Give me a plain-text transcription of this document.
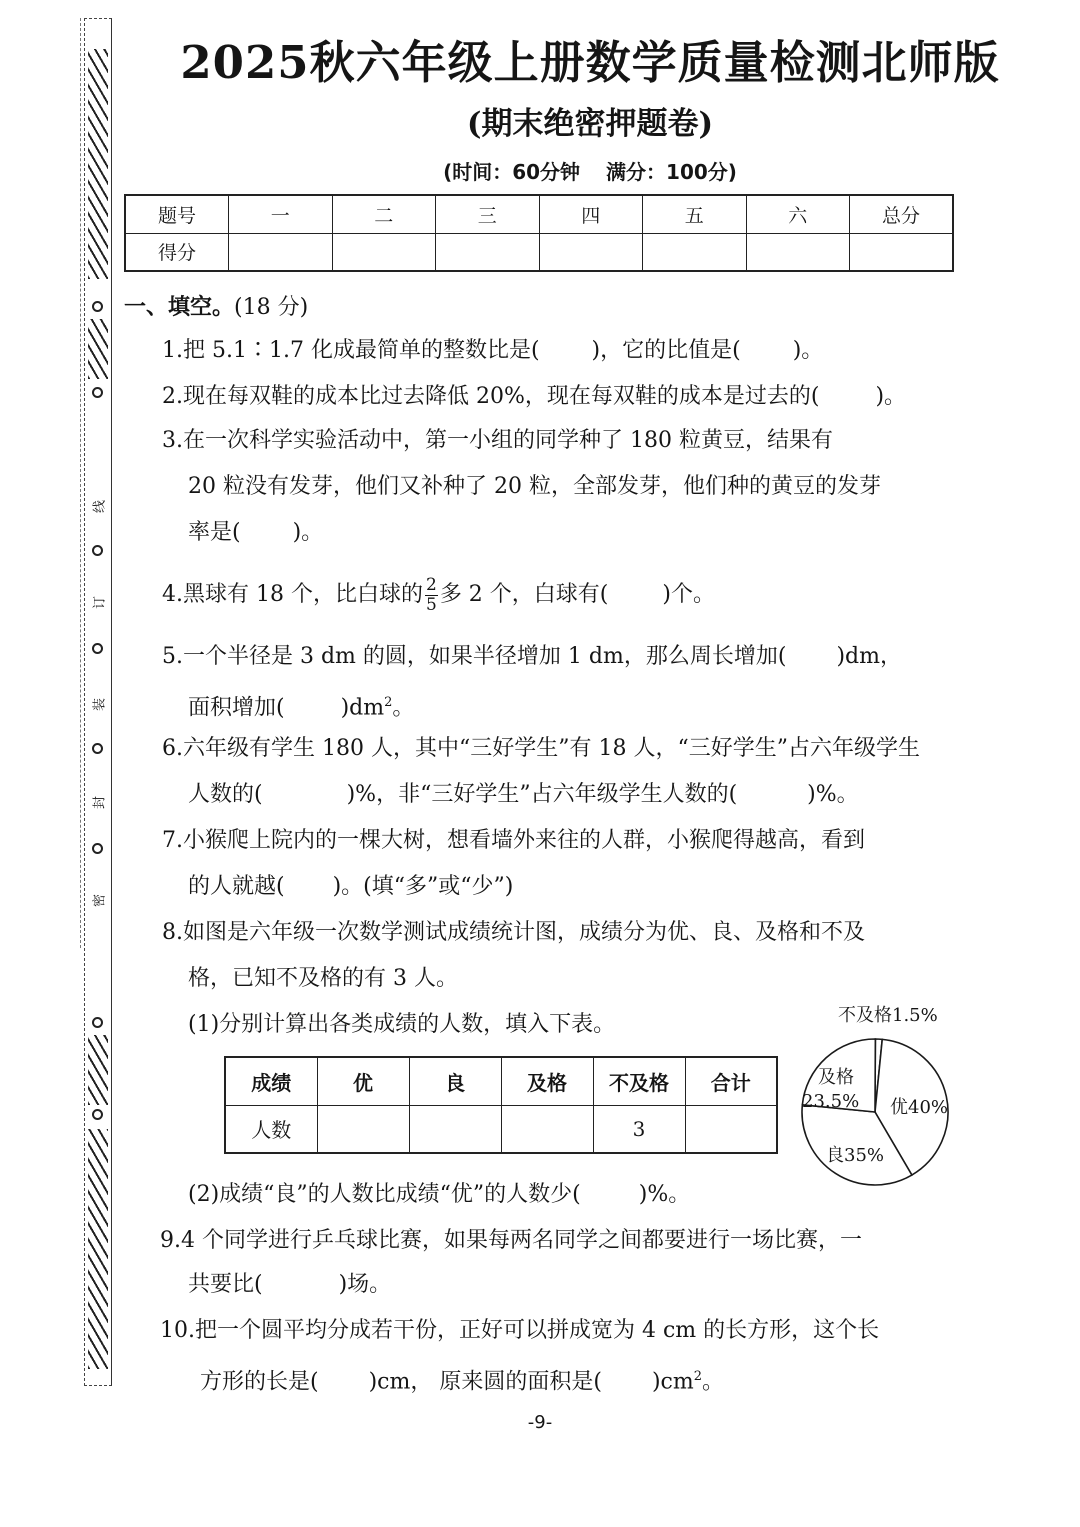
线
订
装
封
密
2025秋六年级上册数学质量检测北师版
(期末绝密押题卷)
(时间：60分钟 满分：100分)
题号	一	二	三	四	五	六	总分
得分							
一、填空。(18 分)
1.把 5.1∶1.7 化成最简单的整数比是( )，它的比值是( )。
2.现在每双鞋的成本比过去降低 20%，现在每双鞋的成本是过去的(	)。
3.在一次科学实验活动中，第一小组的同学种了 180 粒黄豆，结果有
20 粒没有发芽，他们又补种了 20 粒，全部发芽，他们种的黄豆的发芽
率是( )。
4.黑球有 18 个，比白球的 $\frac{2}{5}$ 多 2 个，白球有( )个。
5.一个半径是 3 dm 的圆，如果半径增加 1 dm，那么周长增加( )dm，
面积增加(	)$dm^2$。
6.六年级有学生 180 人，其中“三好学生”有 18 人，“三好学生”占六年级学生
人数的(	)%，非“三好学生”占六年级学生人数的(	)%。
7.小猴爬上院内的一棵大树，想看墙外来往的人群，小猴爬得越高，看到
的人就越( )。(填“多”或“少”)
8.如图是六年级一次数学测试成绩统计图，成绩分为优、良、及格和不及
格，已知不及格的有 3 人。
(1)分别计算出各类成绩的人数，填入下表。
成绩	优	良	及格	不及格	合计
人数				3	
不及格1.5%
优40%
良35%
及格
23.5%
(2)成绩“良”的人数比成绩“优”的人数少(	)%。
9.4 个同学进行乒乓球比赛，如果每两名同学之间都要进行一场比赛，一
共要比(	)场。
10.把一个圆平均分成若干份，正好可以拼成宽为 4 cm 的长方形，这个长
方形的长是( )cm， 原来圆的面积是( )$cm^2$。
-9-
